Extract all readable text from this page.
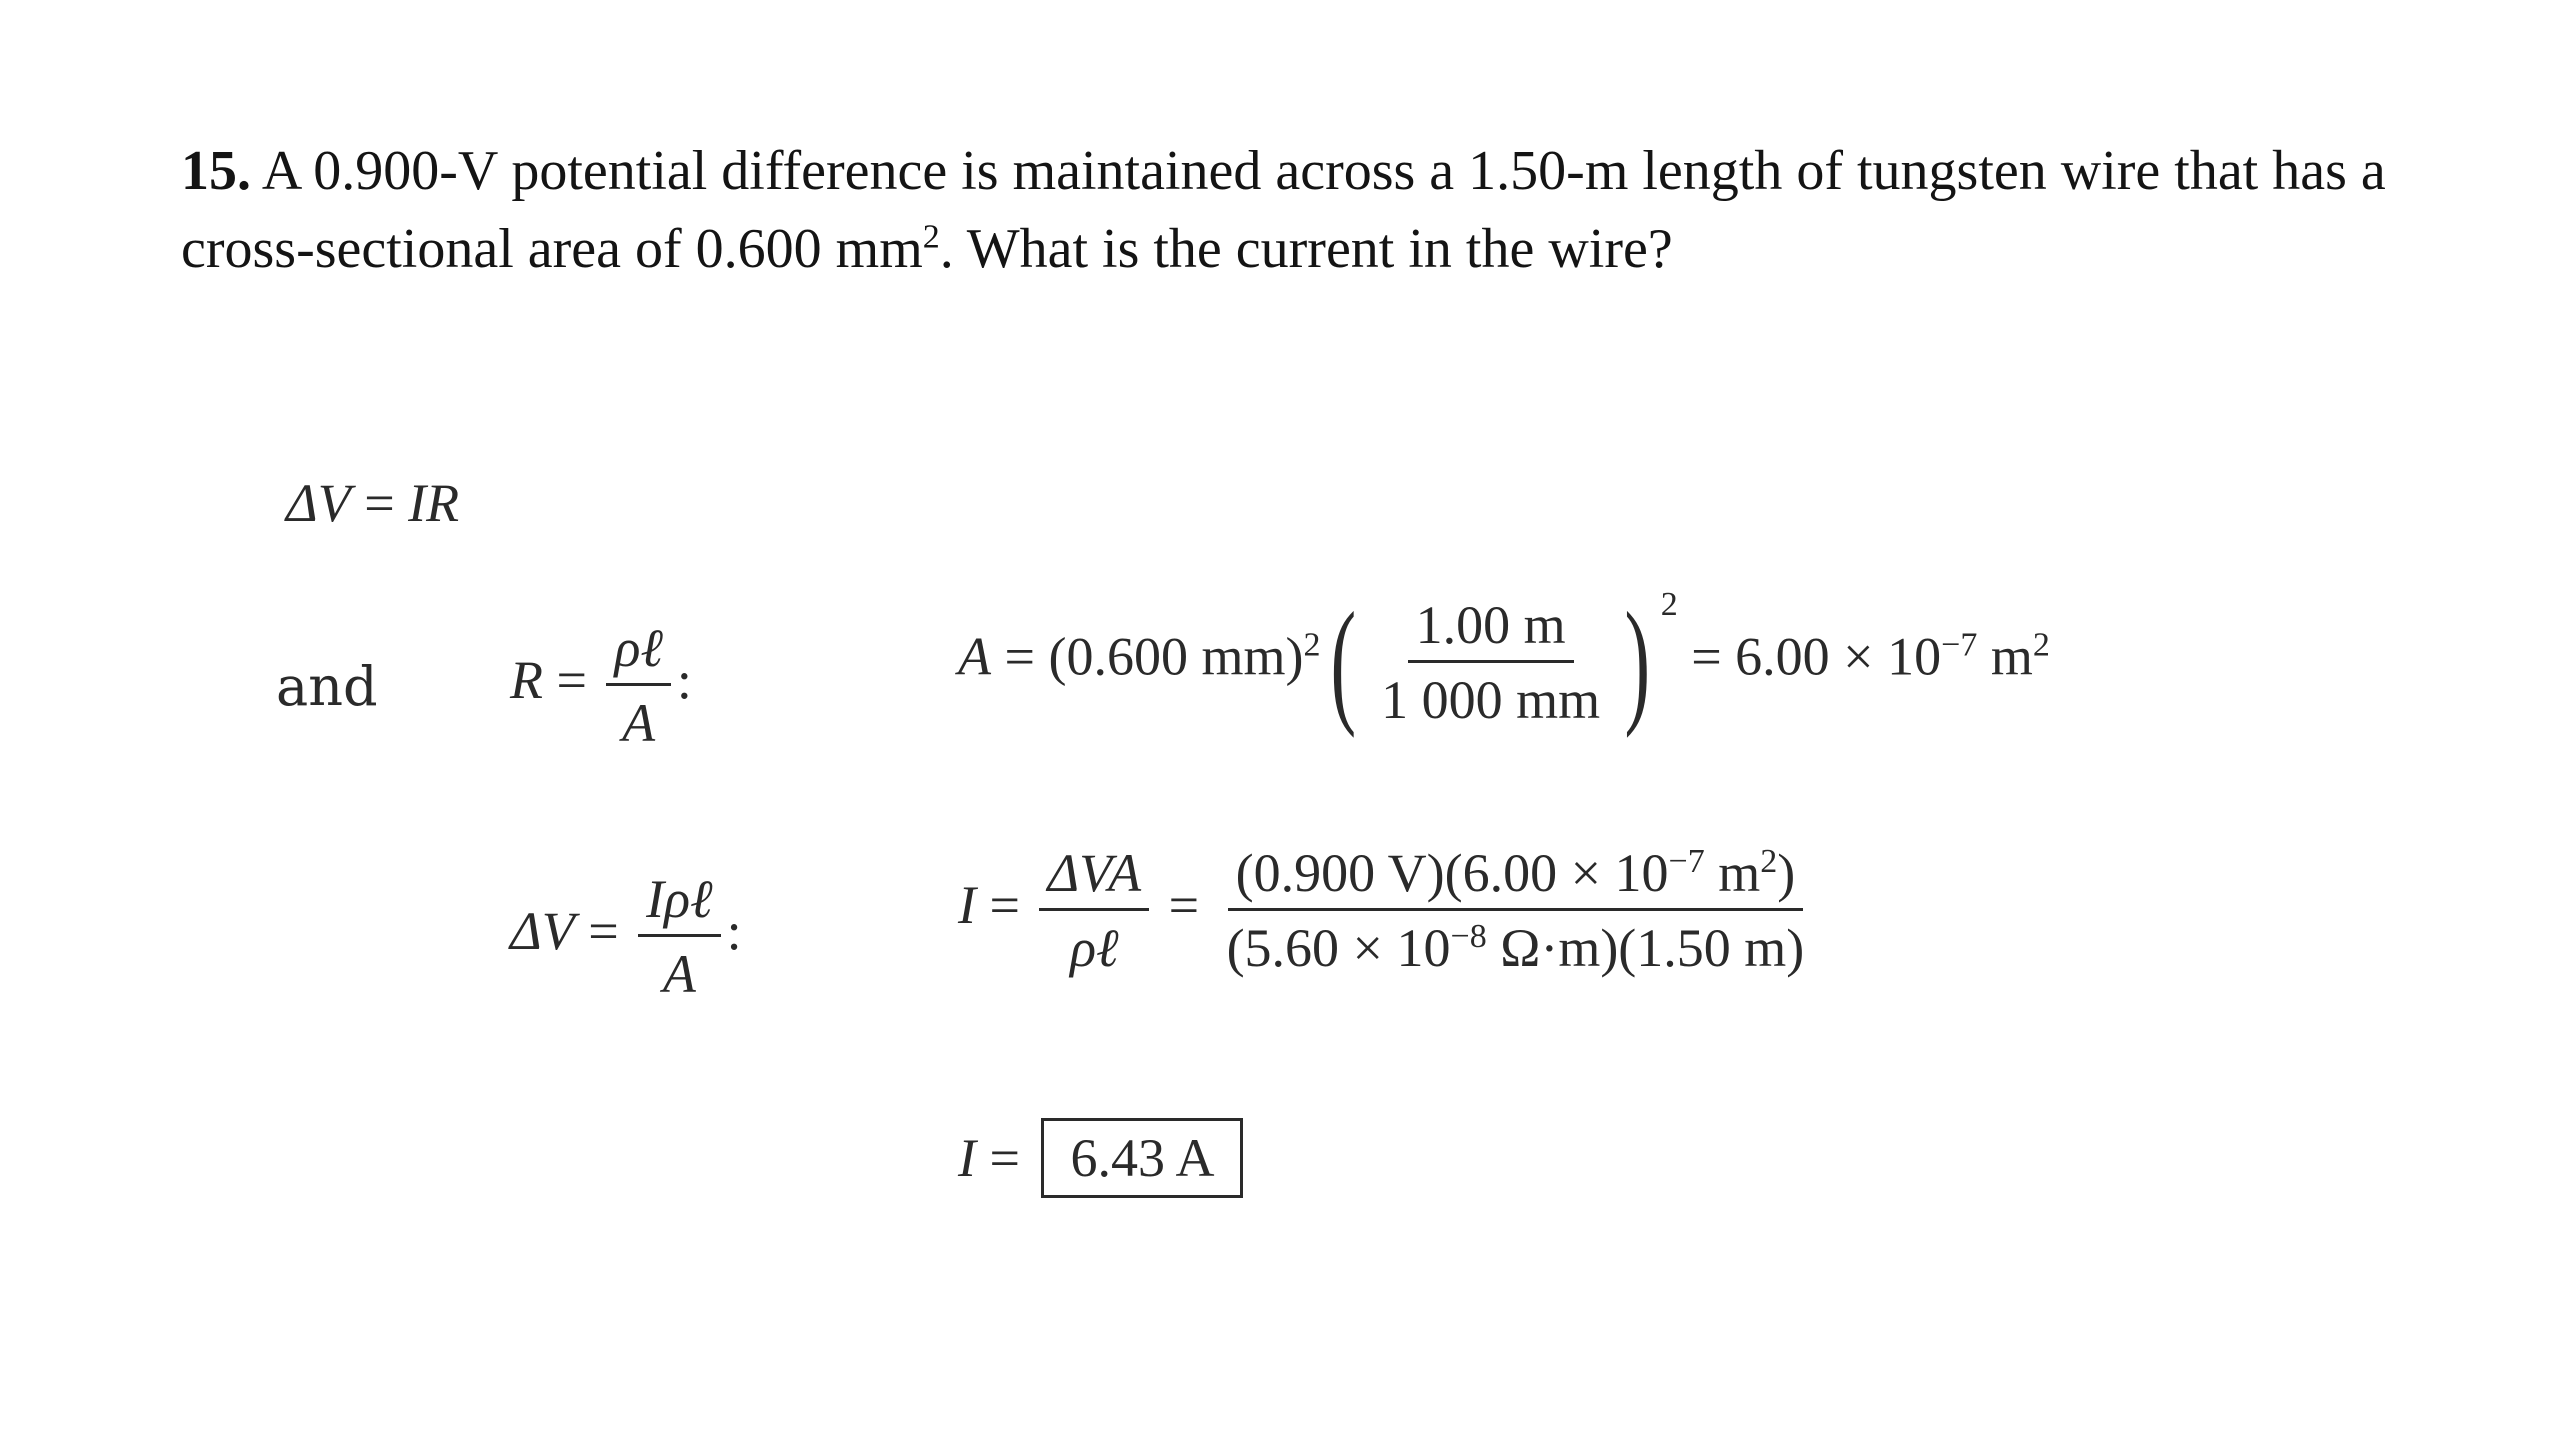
15. A 0.900-V potential difference is maintained across a 1.50-m length of tungsten wire that has a cross-sectional area of 0.600 $mm^2$. What is the current in the wire?
ΔV = IR
and $R = \frac{\text{ρℓ}}{A}$ :	A = (0.600 $mm)^2( \frac{1.00 m}{1 000 mm}$ ) $^2 = 6.00 \times 10^{-7}$ $m^2$
$\Delta V = \frac{\text{Iρℓ}}{A}$ :	$I = \frac{\text{ΔVA}}{\text{ρℓ}} = \frac{(0.900 V)(6.00 \times 10^{-7} m^2)}{(5.60 \times 10^{-8} \Omega\cdot m)(1.50 m)}$
I = 6.43 A
